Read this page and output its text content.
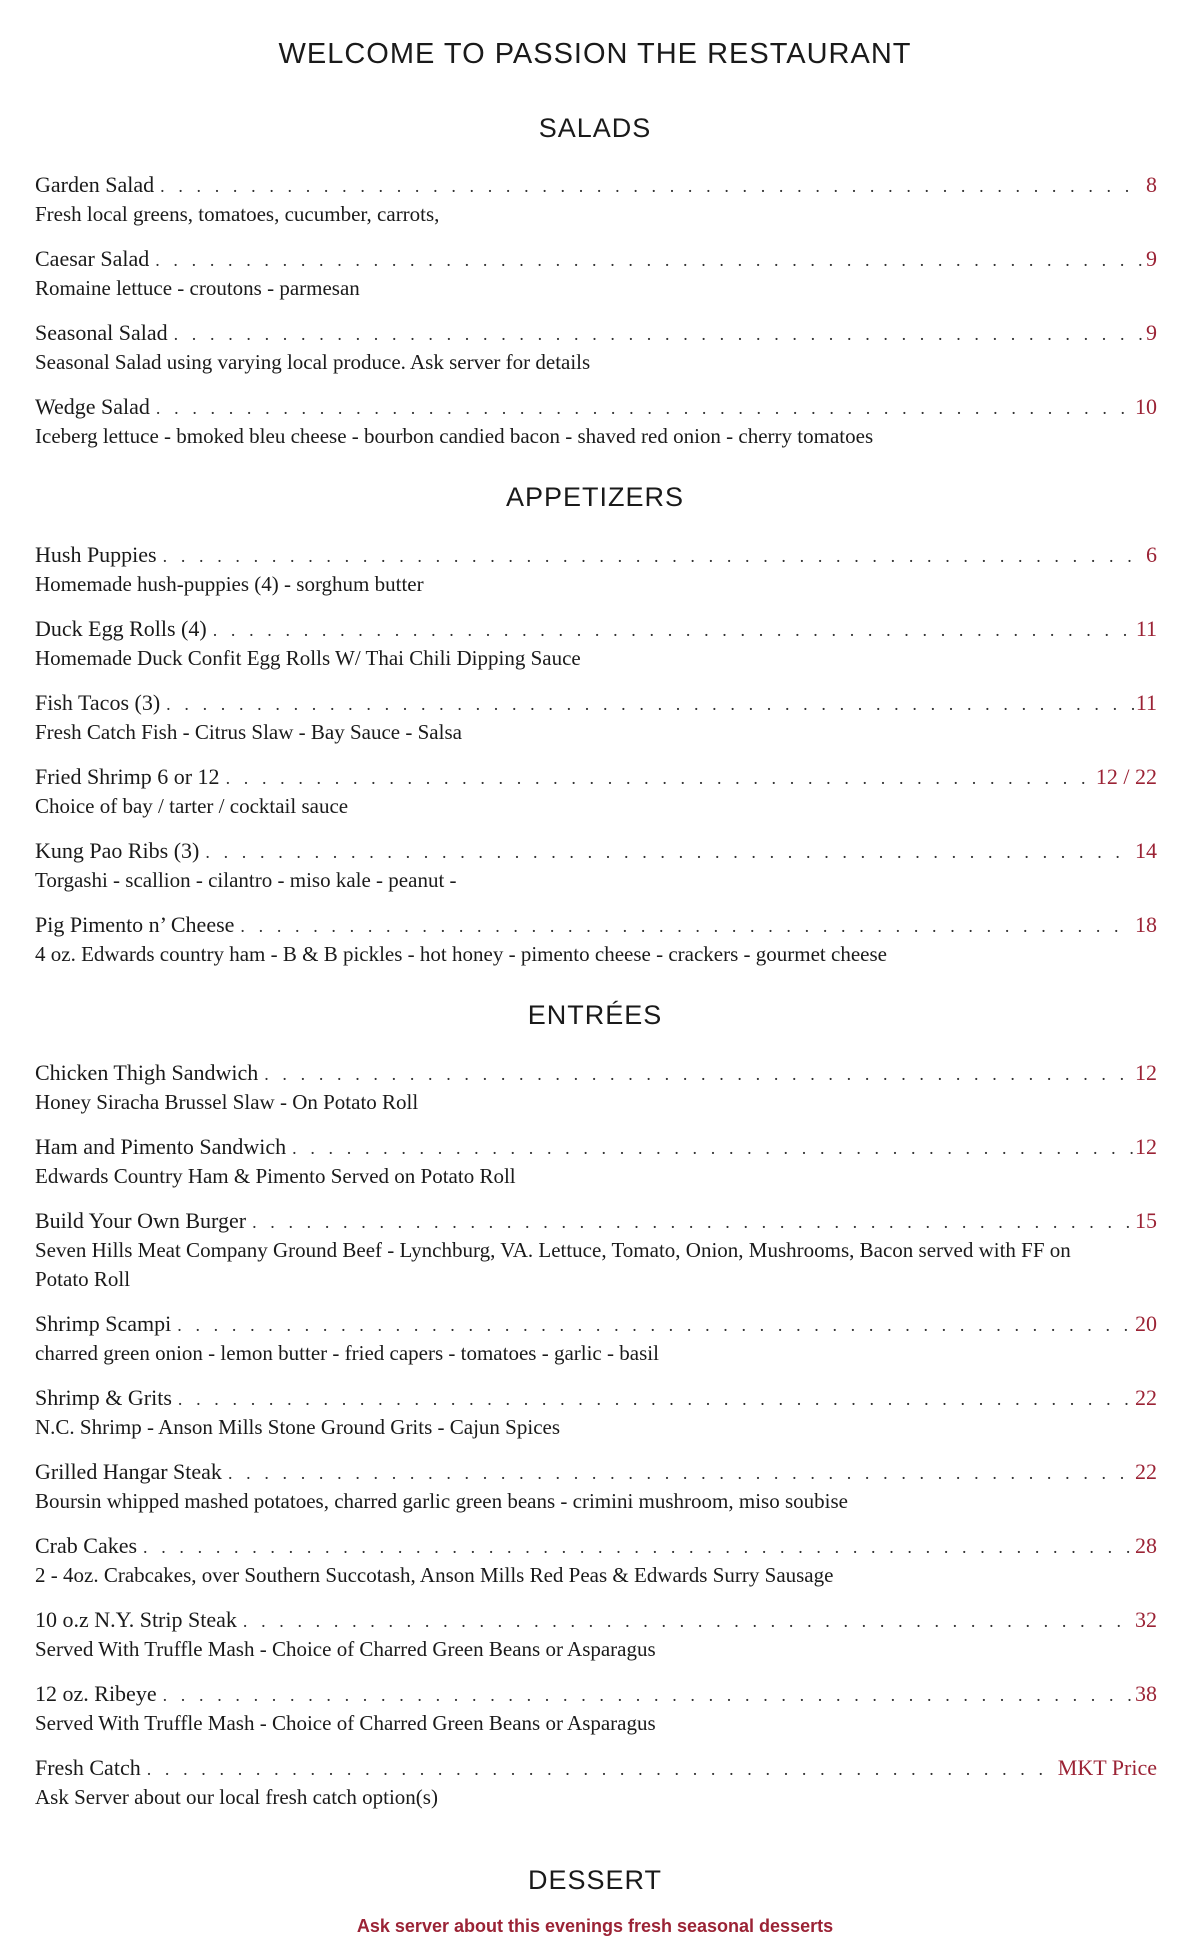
WELCOME TO PASSION THE RESTAURANT
SALADS
Garden Salad . . .	8
Fresh local greens, tomatoes, cucumber, carrots,
Caesar Salad . . .	9
Romaine lettuce - croutons - parmesan
Seasonal Salad . . .	9
Seasonal Salad using varying local produce. Ask server for details
Wedge Salad . . .	10
Iceberg lettuce - bmoked bleu cheese - bourbon candied bacon - shaved red onion - cherry tomatoes
APPETIZERS
Hush Puppies . . .	6
Homemade hush-puppies (4) - sorghum butter
Duck Egg Rolls (4) . . .	11
Homemade Duck Confit Egg Rolls W/ Thai Chili Dipping Sauce
Fish Tacos (3) . . .	11
Fresh Catch Fish - Citrus Slaw - Bay Sauce - Salsa
Fried Shrimp 6 or 12 . . .	12 / 22
Choice of bay / tarter / cocktail sauce
Kung Pao Ribs (3) . . .	14
Torgashi - scallion - cilantro - miso kale - peanut -
Pig Pimento n’ Cheese . . .	18
4 oz. Edwards country ham - B & B pickles - hot honey - pimento cheese - crackers - gourmet cheese
ENTRÉES
Chicken Thigh Sandwich . . .	12
Honey Siracha Brussel Slaw - On Potato Roll
Ham and Pimento Sandwich . . .	12
Edwards Country Ham & Pimento Served on Potato Roll
Build Your Own Burger . . .	15
Seven Hills Meat Company Ground Beef - Lynchburg, VA. Lettuce, Tomato, Onion, Mushrooms, Bacon served with FF on Potato Roll
Shrimp Scampi . . .	20
charred green onion - lemon butter - fried capers - tomatoes - garlic - basil
Shrimp & Grits . . .	22
N.C. Shrimp - Anson Mills Stone Ground Grits - Cajun Spices
Grilled Hangar Steak . . .	22
Boursin whipped mashed potatoes, charred garlic green beans - crimini mushroom, miso soubise
Crab Cakes . . .	28
2 - 4oz. Crabcakes, over Southern Succotash, Anson Mills Red Peas & Edwards Surry Sausage
10 o.z N.Y. Strip Steak . . .	32
Served With Truffle Mash - Choice of Charred Green Beans or Asparagus
12 oz. Ribeye . . .	38
Served With Truffle Mash - Choice of Charred Green Beans or Asparagus
Fresh Catch . . .	MKT Price
Ask Server about our local fresh catch option(s)
DESSERT

Ask server about this evenings fresh seasonal desserts
